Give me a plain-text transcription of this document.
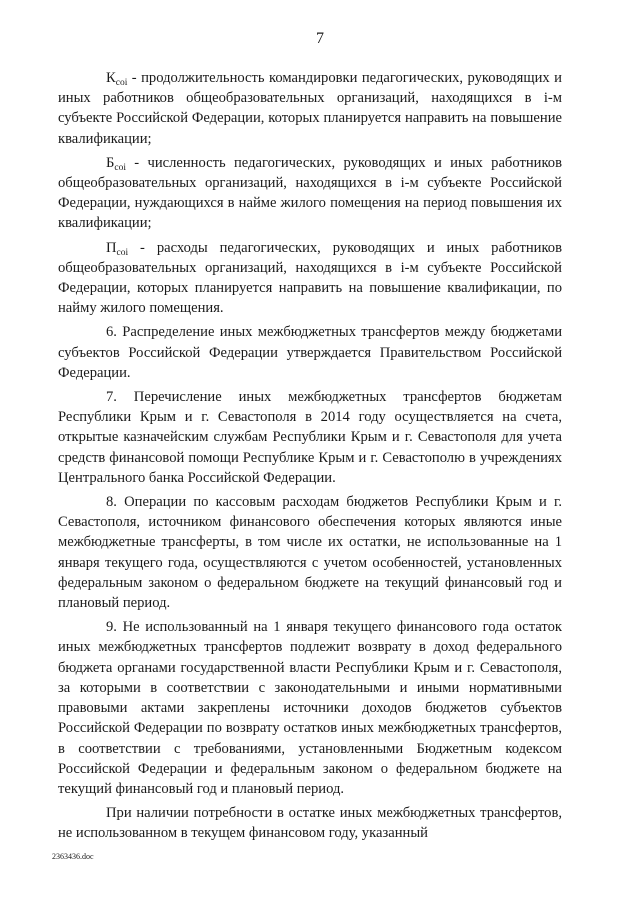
7

$К_{соi}$ - продолжительность командировки педагогических, руководящих и иных работников общеобразовательных организаций, находящихся в i-м субъекте Российской Федерации, которых планируется направить на повышение квалификации;

$Б_{соi}$ - численность педагогических, руководящих и иных работников общеобразовательных организаций, находящихся в i-м субъекте Российской Федерации, нуждающихся в найме жилого помещения на период повышения их квалификации;

$П_{соi}$ - расходы педагогических, руководящих и иных работников общеобразовательных организаций, находящихся в i-м субъекте Российской Федерации, которых планируется направить на повышение квалификации, по найму жилого помещения.

6. Распределение иных межбюджетных трансфертов между бюджетами субъектов Российской Федерации утверждается Правительством Российской Федерации.

7. Перечисление иных межбюджетных трансфертов бюджетам Республики Крым и г. Севастополя в 2014 году осуществляется на счета, открытые казначейским службам Республики Крым и г. Севастополя для учета средств финансовой помощи Республике Крым и г. Севастополю в учреждениях Центрального банка Российской Федерации.

8. Операции по кассовым расходам бюджетов Республики Крым и г. Севастополя, источником финансового обеспечения которых являются иные межбюджетные трансферты, в том числе их остатки, не использованные на 1 января текущего года, осуществляются с учетом особенностей, установленных федеральным законом о федеральном бюджете на текущий финансовый год и плановый период.

9. Не использованный на 1 января текущего финансового года остаток иных межбюджетных трансфертов подлежит возврату в доход федерального бюджета органами государственной власти Республики Крым и г. Севастополя, за которыми в соответствии с законодательными и иными нормативными правовыми актами закреплены источники доходов бюджетов субъектов Российской Федерации по возврату остатков иных межбюджетных трансфертов, в соответствии с требованиями, установленными Бюджетным кодексом Российской Федерации и федеральным законом о федеральном бюджете на текущий финансовый год и плановый период.

При наличии потребности в остатке иных межбюджетных трансфертов, не использованном в текущем финансовом году, указанный

2363436.doc
